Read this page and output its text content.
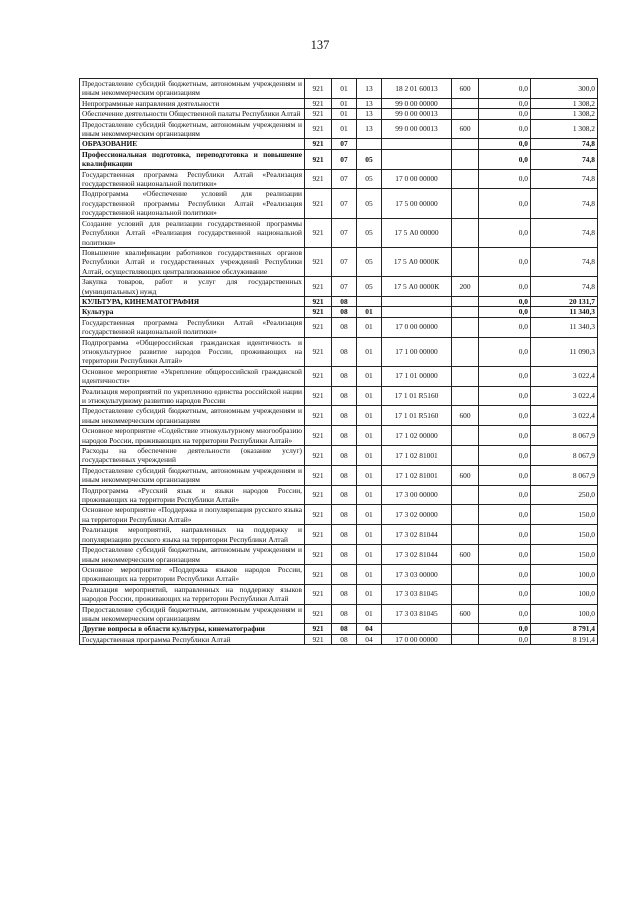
137
Предоставление субсидий бюджетным, автономным учреждениям и иным некоммерческим организациям	921	01	13	18 2 01 60013	600	0,0	300,0
Непрограммные направления деятельности	921	01	13	99 0 00 00000		0,0	1 308,2
Обеспечение деятельности Общественной палаты Республики Алтай	921	01	13	99 0 00 00013		0,0	1 308,2
Предоставление субсидий бюджетным, автономным учреждениям и иным некоммерческим организациям	921	01	13	99 0 00 00013	600	0,0	1 308,2
ОБРАЗОВАНИЕ	921	07				0,0	74,8
Профессиональная подготовка, переподготовка и повышение квалификации	921	07	05			0,0	74,8
Государственная программа Республики Алтай «Реализация государственной национальной политики»	921	07	05	17 0 00 00000		0,0	74,8
Подпрограмма «Обеспечение условий для реализации государственной программы Республики Алтай «Реализация государственной национальной политики»	921	07	05	17 5 00 00000		0,0	74,8
Создание условий для реализации государственной программы Республики Алтай «Реализация государственной национальной политики»	921	07	05	17 5 А0 00000		0,0	74,8
Повышение квалификации работников государственных органов Республики Алтай и государственных учреждений Республики Алтай, осуществляющих централизованное обслуживание	921	07	05	17 5 А0 0000К		0,0	74,8
Закупка товаров, работ и услуг для государственных (муниципальных) нужд	921	07	05	17 5 А0 0000К	200	0,0	74,8
КУЛЬТУРА, КИНЕМАТОГРАФИЯ	921	08				0,0	20 131,7
Культура	921	08	01			0,0	11 340,3
Государственная программа Республики Алтай «Реализация государственной национальной политики»	921	08	01	17 0 00 00000		0,0	11 340,3
Подпрограмма «Общероссийская гражданская идентичность и этнокультурное развитие народов России, проживающих на территории Республики Алтай»	921	08	01	17 1 00 00000		0,0	11 090,3
Основное мероприятие «Укрепление общероссийской гражданской идентичности»	921	08	01	17 1 01 00000		0,0	3 022,4
Реализация мероприятий по укреплению единства российской нации и этнокультурному развитию народов России	921	08	01	17 1 01 R5160		0,0	3 022,4
Предоставление субсидий бюджетным, автономным учреждениям и иным некоммерческим организациям	921	08	01	17 1 01 R5160	600	0,0	3 022,4
Основное мероприятие «Содействие этнокультурному многообразию народов России, проживающих на территории Республики Алтай»	921	08	01	17 1 02 00000		0,0	8 067,9
Расходы на обеспечение деятельности (оказание услуг) государственных учреждений	921	08	01	17 1 02 81001		0,0	8 067,9
Предоставление субсидий бюджетным, автономным учреждениям и иным некоммерческим организациям	921	08	01	17 1 02 81001	600	0,0	8 067,9
Подпрограмма «Русский язык и языки народов России, проживающих на территории Республики Алтай»	921	08	01	17 3 00 00000		0,0	250,0
Основное мероприятие «Поддержка и популяризация русского языка на территории Республики Алтай»	921	08	01	17 3 02 00000		0,0	150,0
Реализация мероприятий, направленных на поддержку и популяризацию русского языка на территории Республики Алтай	921	08	01	17 3 02 81044		0,0	150,0
Предоставление субсидий бюджетным, автономным учреждениям и иным некоммерческим организациям	921	08	01	17 3 02 81044	600	0,0	150,0
Основное мероприятие «Поддержка языков народов России, проживающих на территории Республики Алтай»	921	08	01	17 3 03 00000		0,0	100,0
Реализация мероприятий, направленных на поддержку языков народов России, проживающих на территории Республики Алтай	921	08	01	17 3 03 81045		0,0	100,0
Предоставление субсидий бюджетным, автономным учреждениям и иным некоммерческим организациям	921	08	01	17 3 03 81045	600	0,0	100,0
Другие вопросы в области культуры, кинематографии	921	08	04			0,0	8 791,4
Государственная программа Республики Алтай	921	08	04	17 0 00 00000		0,0	8 191,4
